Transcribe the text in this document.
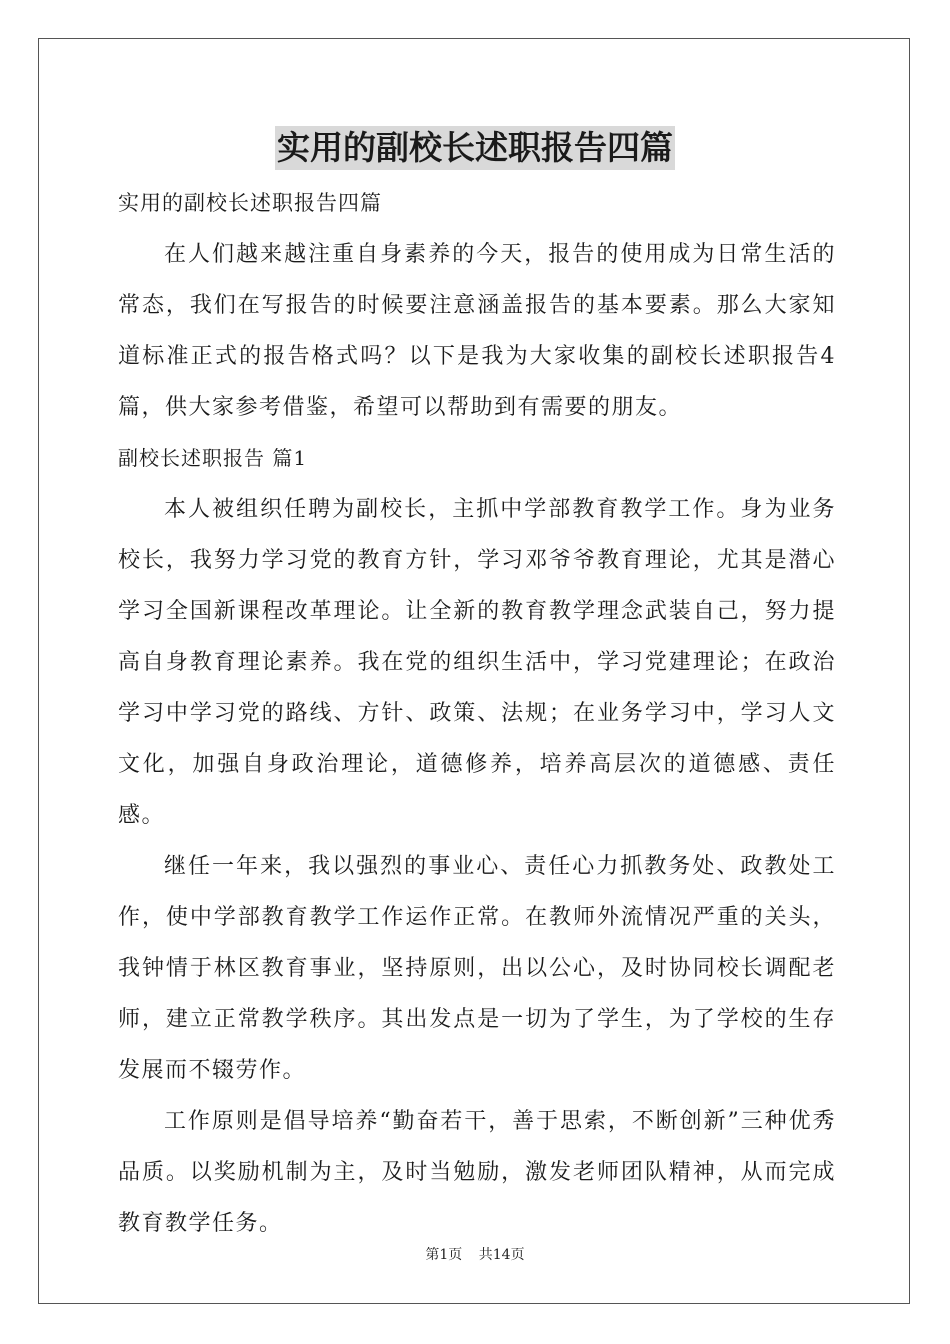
实用的副校长述职报告四篇
实用的副校长述职报告四篇

在人们越来越注重自身素养的今天，报告的使用成为日常生活的常态，我们在写报告的时候要注意涵盖报告的基本要素。那么大家知道标准正式的报告格式吗？以下是我为大家收集的副校长述职报告4篇，供大家参考借鉴，希望可以帮助到有需要的朋友。

副校长述职报告 篇1

本人被组织任聘为副校长，主抓中学部教育教学工作。身为业务校长，我努力学习党的教育方针，学习邓爷爷教育理论，尤其是潜心学习全国新课程改革理论。让全新的教育教学理念武装自己，努力提高自身教育理论素养。我在党的组织生活中，学习党建理论；在政治学习中学习党的路线、方针、政策、法规；在业务学习中，学习人文文化，加强自身政治理论，道德修养，培养高层次的道德感、责任感。

继任一年来，我以强烈的事业心、责任心力抓教务处、政教处工作，使中学部教育教学工作运作正常。在教师外流情况严重的关头，我钟情于林区教育事业，坚持原则，出以公心，及时协同校长调配老师，建立正常教学秩序。其出发点是一切为了学生，为了学校的生存发展而不辍劳作。

工作原则是倡导培养“勤奋若干，善于思索，不断创新”三种优秀品质。以奖励机制为主，及时当勉励，激发老师团队精神，从而完成教育教学任务。

第1页 共14页
